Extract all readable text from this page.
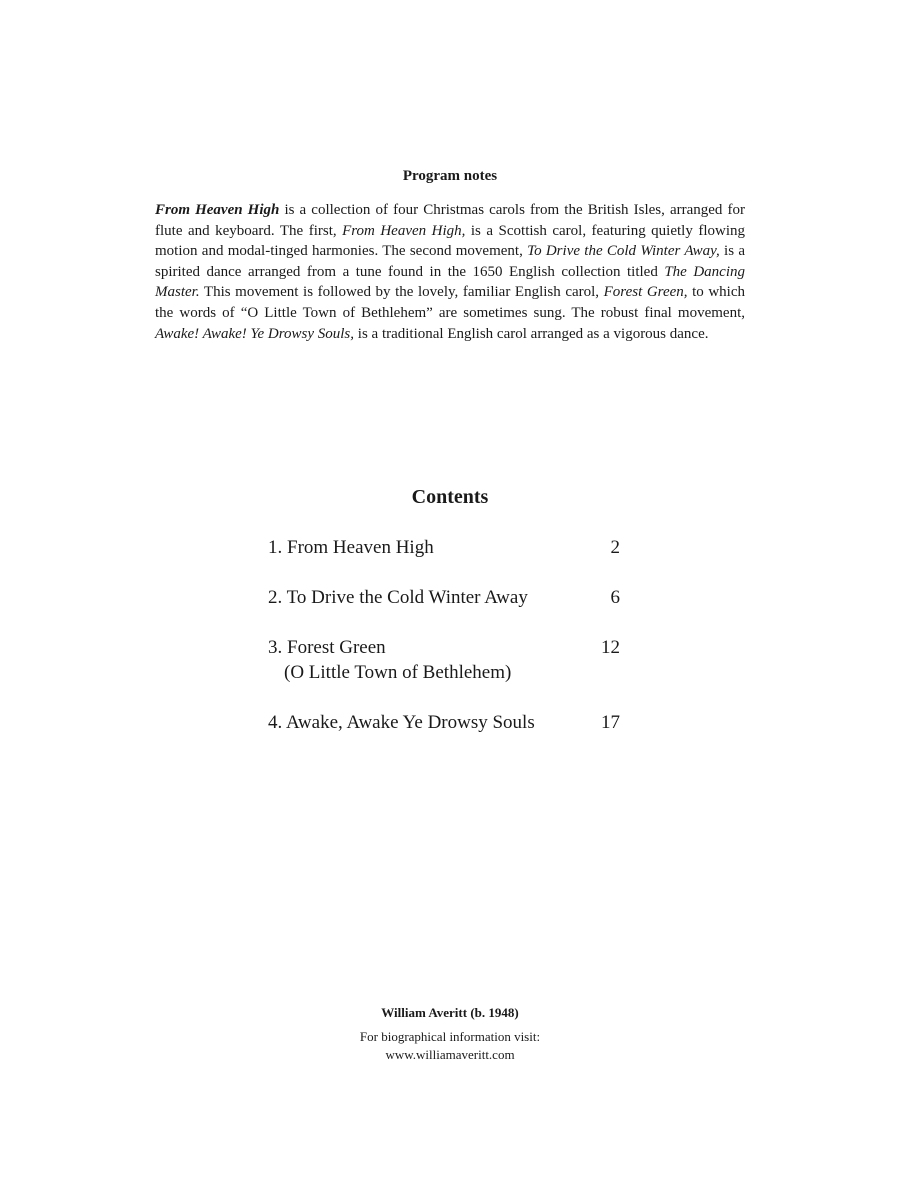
Program notes
From Heaven High is a collection of four Christmas carols from the British Isles, arranged for flute and keyboard. The first, From Heaven High, is a Scottish carol, featuring quietly flowing motion and modal-tinged harmonies. The second movement, To Drive the Cold Winter Away, is a spirited dance arranged from a tune found in the 1650 English collection titled The Dancing Master. This movement is followed by the lovely, familiar English carol, Forest Green, to which the words of “O Little Town of Bethlehem” are sometimes sung. The robust final movement, Awake! Awake! Ye Drowsy Souls, is a traditional English carol arranged as a vigorous dance.
Contents
1. From Heaven High	2
2. To Drive the Cold Winter Away	6
3. Forest Green	12
(O Little Town of Bethlehem)
4. Awake, Awake Ye Drowsy Souls	17
William Averitt (b. 1948)
For biographical information visit:
www.williamaveritt.com
